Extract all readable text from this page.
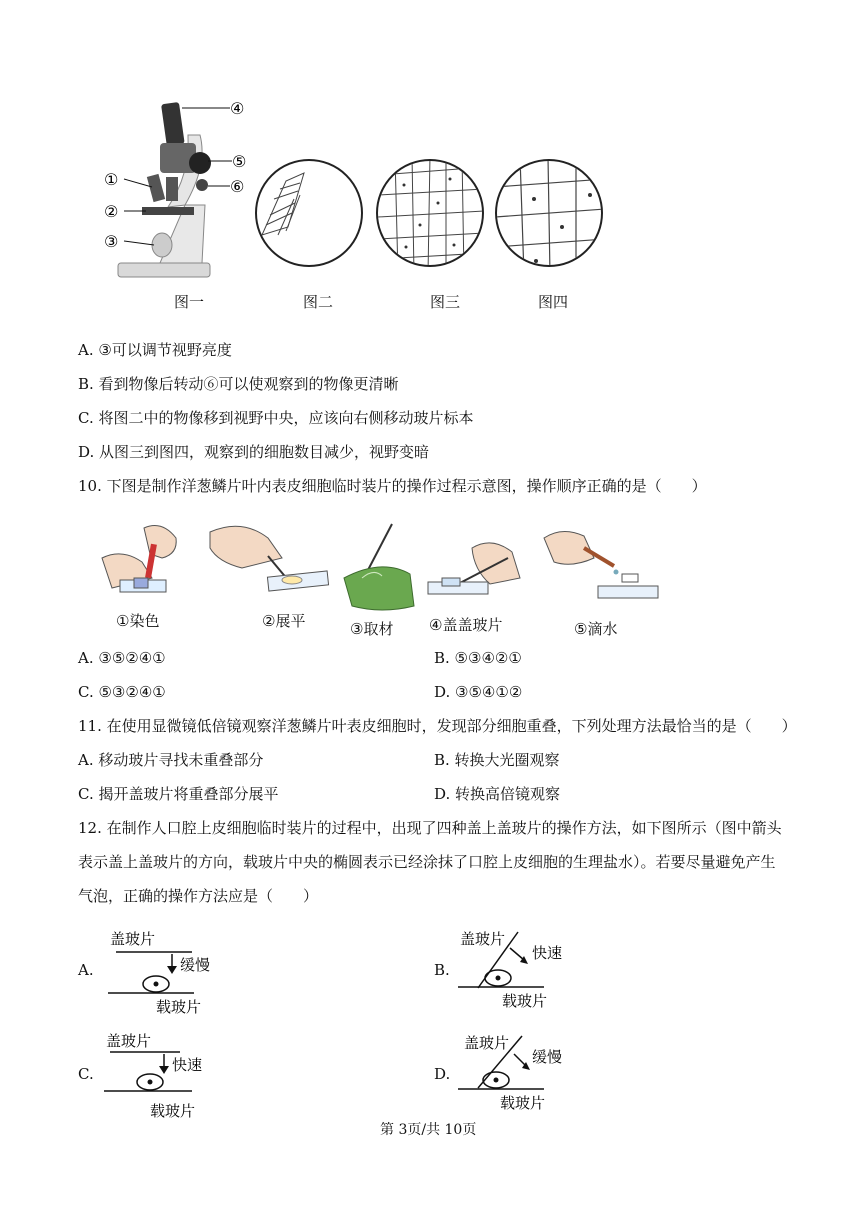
④
⑤
⑥
①
②
③
图一	图二	图三	图四
A. ③可以调节视野亮度
B. 看到物像后转动⑥可以使观察到的物像更清晰
C. 将图二中的物像移到视野中央，应该向右侧移动玻片标本
D. 从图三到图四，观察到的细胞数目减少，视野变暗
10. 下图是制作洋葱鳞片叶内表皮细胞临时装片的操作过程示意图，操作顺序正确的是（　　）
①染色	②展平	③取材 ④盖盖玻片	⑤滴水
A. ③⑤②④①	B. ⑤③④②①
C. ⑤③②④①	D. ③⑤④①②
11. 在使用显微镜低倍镜观察洋葱鳞片叶表皮细胞时，发现部分细胞重叠，下列处理方法最恰当的是（　　）
A. 移动玻片寻找未重叠部分	B. 转换大光圈观察
C. 揭开盖玻片将重叠部分展平	D. 转换高倍镜观察
12. 在制作人口腔上皮细胞临时装片的过程中，出现了四种盖上盖玻片的操作方法，如下图所示（图中箭头
表示盖上盖玻片的方向，载玻片中央的椭圆表示已经涂抹了口腔上皮细胞的生理盐水）。若要尽量避免产生
气泡，正确的操作方法应是（　　）
A.
盖玻片
缓慢
载玻片
B.
盖玻片
快速
载玻片
C.
盖玻片
快速
载玻片
D.
盖玻片
缓慢
载玻片
第 3页/共 10页
